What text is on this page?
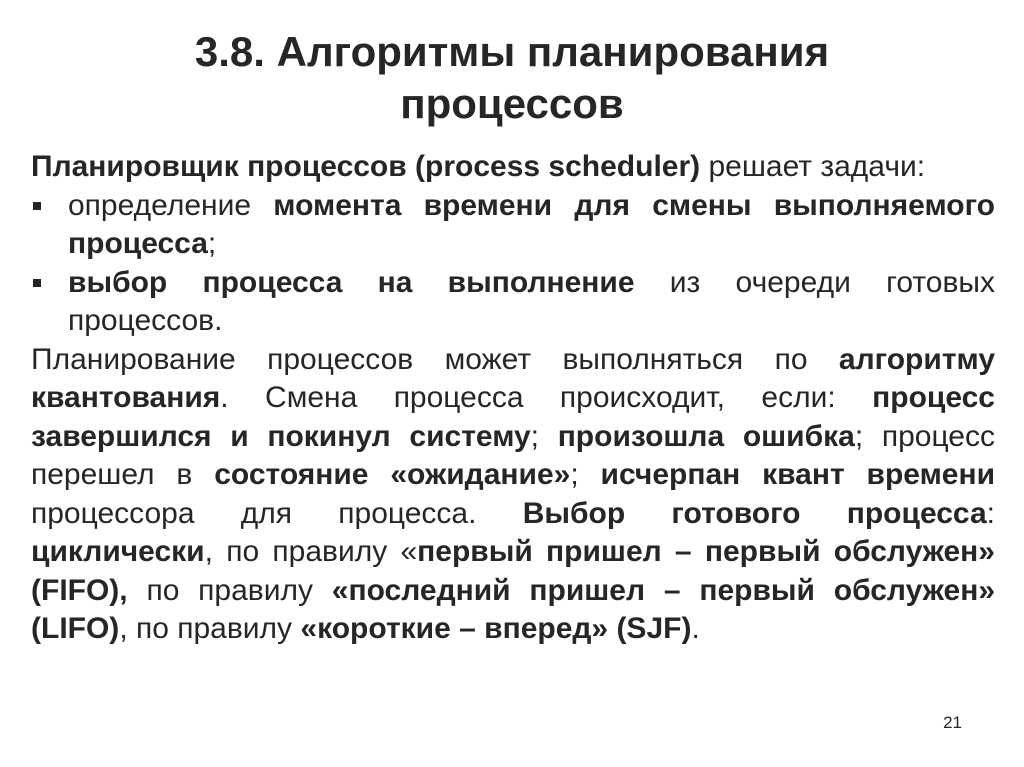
3.8. Алгоритмы планирования
процессов

Планировщик процессов (process scheduler) решает задачи:

определение момента времени для смены выполняемого процесса;
выбор процесса на выполнение из очереди готовых процессов.

Планирование процессов может выполняться по алгоритму квантования. Смена процесса происходит, если: процесс завершился и покинул систему; произошла ошибка; процесс перешел в состояние «ожидание»; исчерпан квант времени процессора для процесса. Выбор готового процесса: циклически, по правилу «первый пришел – первый обслужен» (FIFO), по правилу «последний пришел – первый обслужен» (LIFO), по правилу «короткие – вперед» (SJF).

21
